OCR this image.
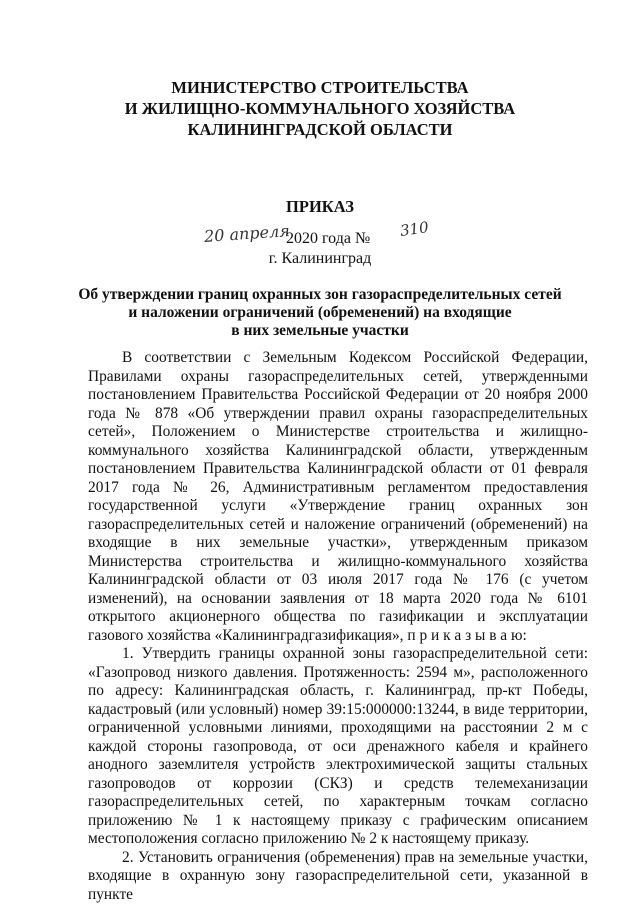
МИНИСТЕРСТВО СТРОИТЕЛЬСТВА
И ЖИЛИЩНО-КОММУНАЛЬНОГО ХОЗЯЙСТВА
КАЛИНИНГРАДСКОЙ ОБЛАСТИ
ПРИКАЗ
20 апреля
2020 года № 310
г. Калининград
Об утверждении границ охранных зон газораспределительных сетей
и наложении ограничений (обременений) на входящие
в них земельные участки

В соответствии с Земельным Кодексом Российской Федерации, Правилами охраны газораспределительных сетей, утвержденными постановлением Правительства Российской Федерации от 20 ноября 2000 года № 878 «Об утверждении правил охраны газораспределительных сетей», Положением о Министерстве строительства и жилищно-коммунального хозяйства Калининградской области, утвержденным постановлением Правительства Калининградской области от 01 февраля 2017 года № 26, Административным регламентом предоставления государственной услуги «Утверждение границ охранных зон газораспределительных сетей и наложение ограничений (обременений) на входящие в них земельные участки», утвержденным приказом Министерства строительства и жилищно-коммунального хозяйства Калининградской области от 03 июля 2017 года № 176 (с учетом изменений), на основании заявления от 18 марта 2020 года № 6101 открытого акционерного общества по газификации и эксплуатации газового хозяйства «Калининградгазификация», п р и к а з ы в а ю:

1. Утвердить границы охранной зоны газораспределительной сети: «Газопровод низкого давления. Протяженность: 2594 м», расположенного по адресу: Калининградская область, г. Калининград, пр-кт Победы, кадастровый (или условный) номер 39:15:000000:13244, в виде территории, ограниченной условными линиями, проходящими на расстоянии 2 м с каждой стороны газопровода, от оси дренажного кабеля и крайнего анодного заземлителя устройств электрохимической защиты стальных газопроводов от коррозии (СКЗ) и средств телемеханизации газораспределительных сетей, по характерным точкам согласно приложению № 1 к настоящему приказу с графическим описанием местоположения согласно приложению № 2 к настоящему приказу.

2. Установить ограничения (обременения) прав на земельные участки, входящие в охранную зону газораспределительной сети, указанной в пункте
